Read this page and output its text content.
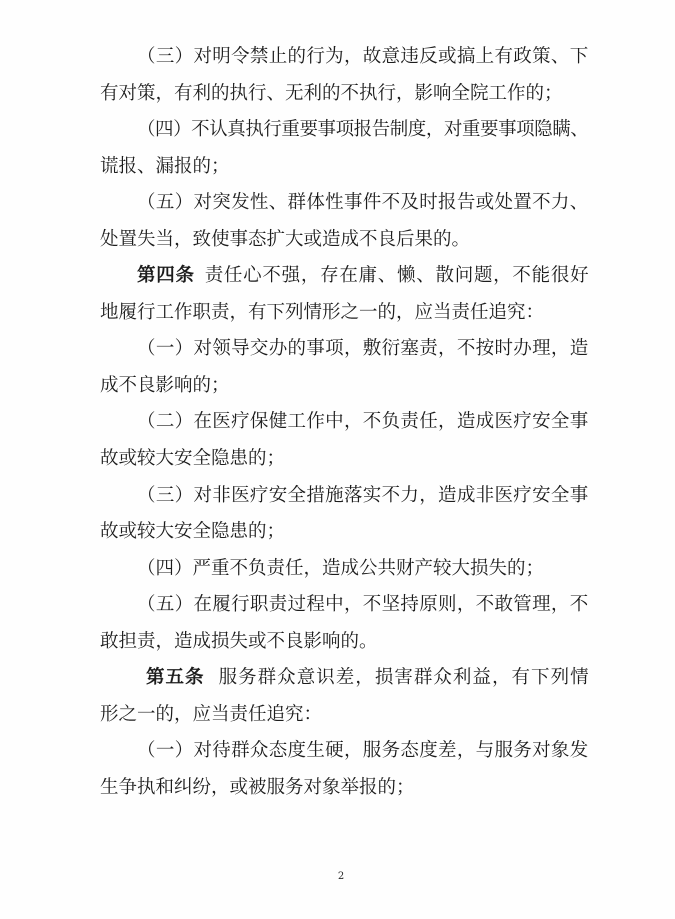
（三）对明令禁止的行为，故意违反或搞上有政策、下
有对策，有利的执行、无利的不执行，影响全院工作的；
（四）不认真执行重要事项报告制度，对重要事项隐瞒、
谎报、漏报的；
（五）对突发性、群体性事件不及时报告或处置不力、
处置失当，致使事态扩大或造成不良后果的。
第四条 责任心不强，存在庸、懒、散问题，不能很好
地履行工作职责，有下列情形之一的，应当责任追究：
（一）对领导交办的事项，敷衍塞责，不按时办理，造
成不良影响的；
（二）在医疗保健工作中，不负责任，造成医疗安全事
故或较大安全隐患的；
（三）对非医疗安全措施落实不力，造成非医疗安全事
故或较大安全隐患的；
（四）严重不负责任，造成公共财产较大损失的；
（五）在履行职责过程中，不坚持原则，不敢管理，不
敢担责，造成损失或不良影响的。
第五条 服务群众意识差，损害群众利益，有下列情
形之一的，应当责任追究：
（一）对待群众态度生硬，服务态度差，与服务对象发
生争执和纠纷，或被服务对象举报的；
2
